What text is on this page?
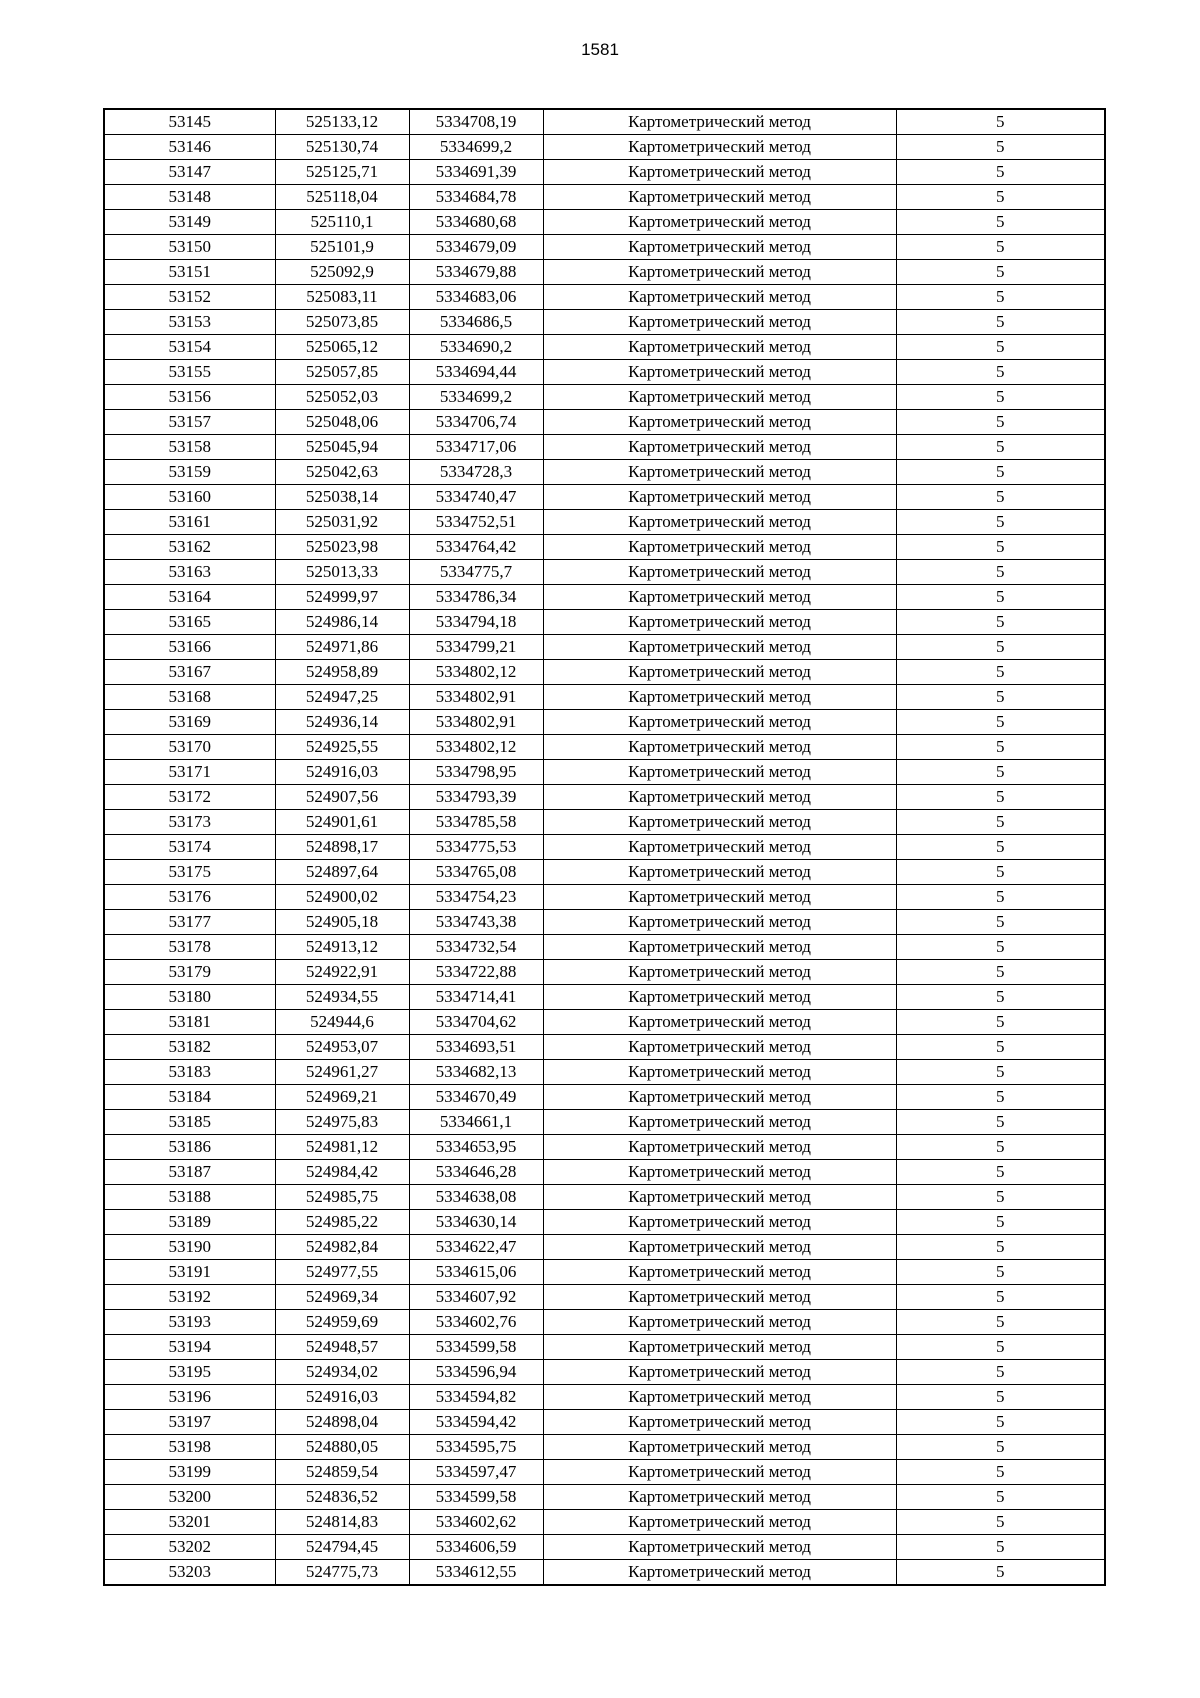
1581
53145	525133,12	5334708,19	Картометрический метод	5
53146	525130,74	5334699,2	Картометрический метод	5
53147	525125,71	5334691,39	Картометрический метод	5
53148	525118,04	5334684,78	Картометрический метод	5
53149	525110,1	5334680,68	Картометрический метод	5
53150	525101,9	5334679,09	Картометрический метод	5
53151	525092,9	5334679,88	Картометрический метод	5
53152	525083,11	5334683,06	Картометрический метод	5
53153	525073,85	5334686,5	Картометрический метод	5
53154	525065,12	5334690,2	Картометрический метод	5
53155	525057,85	5334694,44	Картометрический метод	5
53156	525052,03	5334699,2	Картометрический метод	5
53157	525048,06	5334706,74	Картометрический метод	5
53158	525045,94	5334717,06	Картометрический метод	5
53159	525042,63	5334728,3	Картометрический метод	5
53160	525038,14	5334740,47	Картометрический метод	5
53161	525031,92	5334752,51	Картометрический метод	5
53162	525023,98	5334764,42	Картометрический метод	5
53163	525013,33	5334775,7	Картометрический метод	5
53164	524999,97	5334786,34	Картометрический метод	5
53165	524986,14	5334794,18	Картометрический метод	5
53166	524971,86	5334799,21	Картометрический метод	5
53167	524958,89	5334802,12	Картометрический метод	5
53168	524947,25	5334802,91	Картометрический метод	5
53169	524936,14	5334802,91	Картометрический метод	5
53170	524925,55	5334802,12	Картометрический метод	5
53171	524916,03	5334798,95	Картометрический метод	5
53172	524907,56	5334793,39	Картометрический метод	5
53173	524901,61	5334785,58	Картометрический метод	5
53174	524898,17	5334775,53	Картометрический метод	5
53175	524897,64	5334765,08	Картометрический метод	5
53176	524900,02	5334754,23	Картометрический метод	5
53177	524905,18	5334743,38	Картометрический метод	5
53178	524913,12	5334732,54	Картометрический метод	5
53179	524922,91	5334722,88	Картометрический метод	5
53180	524934,55	5334714,41	Картометрический метод	5
53181	524944,6	5334704,62	Картометрический метод	5
53182	524953,07	5334693,51	Картометрический метод	5
53183	524961,27	5334682,13	Картометрический метод	5
53184	524969,21	5334670,49	Картометрический метод	5
53185	524975,83	5334661,1	Картометрический метод	5
53186	524981,12	5334653,95	Картометрический метод	5
53187	524984,42	5334646,28	Картометрический метод	5
53188	524985,75	5334638,08	Картометрический метод	5
53189	524985,22	5334630,14	Картометрический метод	5
53190	524982,84	5334622,47	Картометрический метод	5
53191	524977,55	5334615,06	Картометрический метод	5
53192	524969,34	5334607,92	Картометрический метод	5
53193	524959,69	5334602,76	Картометрический метод	5
53194	524948,57	5334599,58	Картометрический метод	5
53195	524934,02	5334596,94	Картометрический метод	5
53196	524916,03	5334594,82	Картометрический метод	5
53197	524898,04	5334594,42	Картометрический метод	5
53198	524880,05	5334595,75	Картометрический метод	5
53199	524859,54	5334597,47	Картометрический метод	5
53200	524836,52	5334599,58	Картометрический метод	5
53201	524814,83	5334602,62	Картометрический метод	5
53202	524794,45	5334606,59	Картометрический метод	5
53203	524775,73	5334612,55	Картометрический метод	5
